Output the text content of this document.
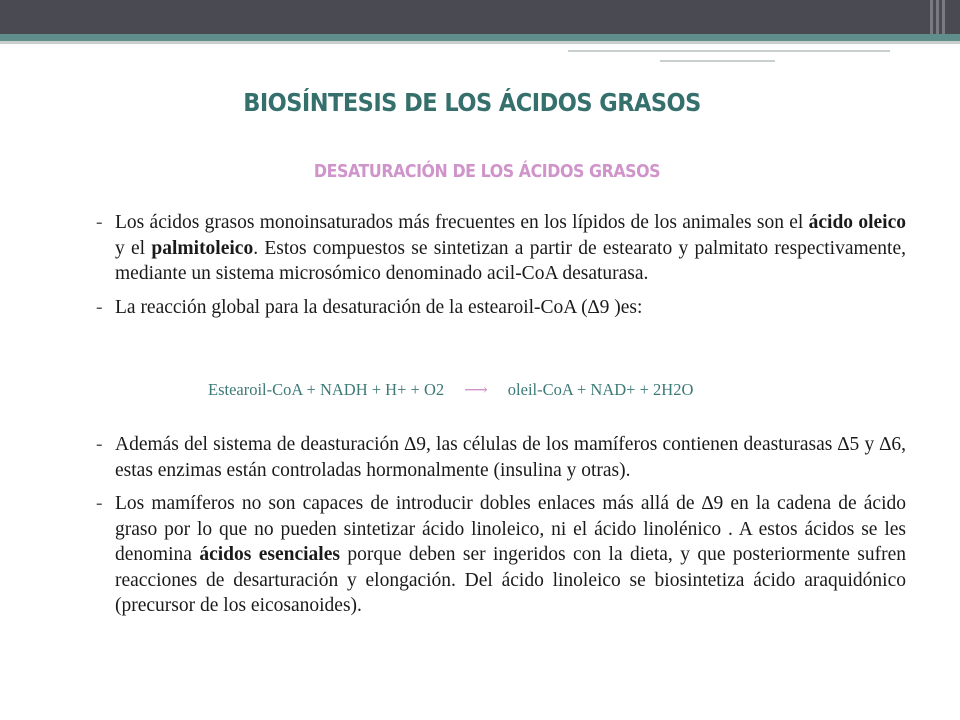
BIOSÍNTESIS DE LOS ÁCIDOS GRASOS
DESATURACIÓN DE LOS ÁCIDOS GRASOS
- Los ácidos grasos monoinsaturados más frecuentes en los lípidos de los animales son el ácido oleico y el palmitoleico. Estos compuestos se sintetizan a partir de estearato y palmitato respectivamente, mediante un sistema microsómico denominado acil-CoA desaturasa.
- La reacción global para la desaturación de la estearoil-CoA (∆9 )es:
Estearoil-CoA + NADH + H+ + O2 ⟶ oleil-CoA + NAD+ + 2H2O
- Además del sistema de deasturación ∆9, las células de los mamíferos contienen deasturasas ∆5 y ∆6, estas enzimas están controladas hormonalmente (insulina y otras).
- Los mamíferos no son capaces de introducir dobles enlaces más allá de ∆9 en la cadena de ácido graso por lo que no pueden sintetizar ácido linoleico, ni el ácido linolénico . A estos ácidos se les denomina ácidos esenciales porque deben ser ingeridos con la dieta, y que posteriormente sufren reacciones de desarturación y elongación. Del ácido linoleico se biosintetiza ácido araquidónico (precursor de los eicosanoides).
